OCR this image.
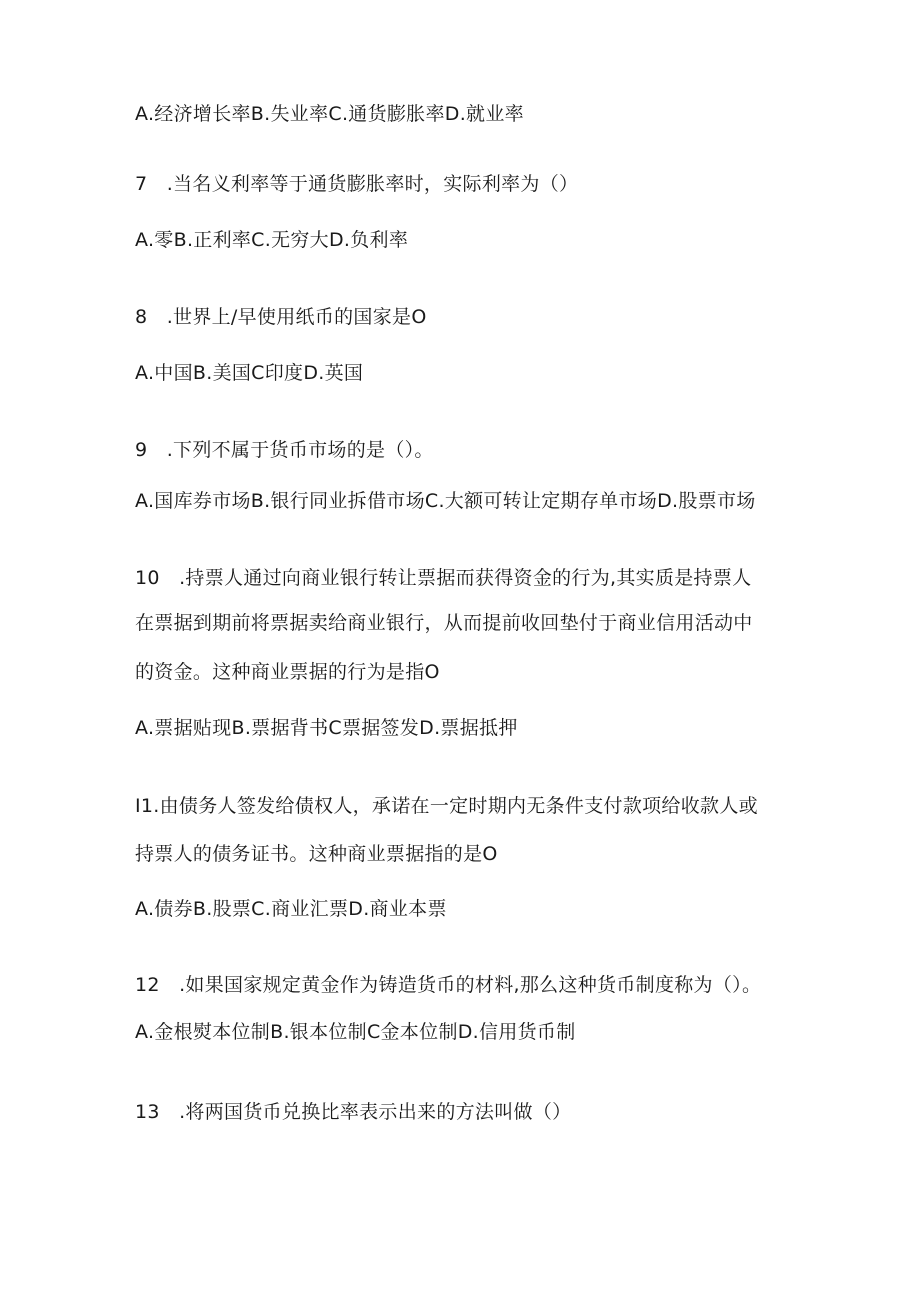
A.经济增长率B.失业率C.通货膨胀率D.就业率
7　.当名义利率等于通货膨胀率时，实际利率为（）
A.零B.正利率C.无穷大D.负利率
8　.世界上/早使用纸币的国家是O
A.中国B.美国C印度D.英国
9　.下列不属于货币市场的是（）。
A.国库券市场B.银行同业拆借市场C.大额可转让定期存单市场D.股票市场
10　.持票人通过向商业银行转让票据而获得资金的行为,其实质是持票人
在票据到期前将票据卖给商业银行，从而提前收回垫付于商业信用活动中
的资金。这种商业票据的行为是指O
A.票据贴现B.票据背书C票据签发D.票据抵押
I1.由债务人签发给债权人，承诺在一定时期内无条件支付款项给收款人或
持票人的债务证书。这种商业票据指的是O
A.债券B.股票C.商业汇票D.商业本票
12　.如果国家规定黄金作为铸造货币的材料,那么这种货币制度称为（）。
A.金根熨本位制B.银本位制C金本位制D.信用货币制
13　.将两国货币兑换比率表示出来的方法叫做（）
